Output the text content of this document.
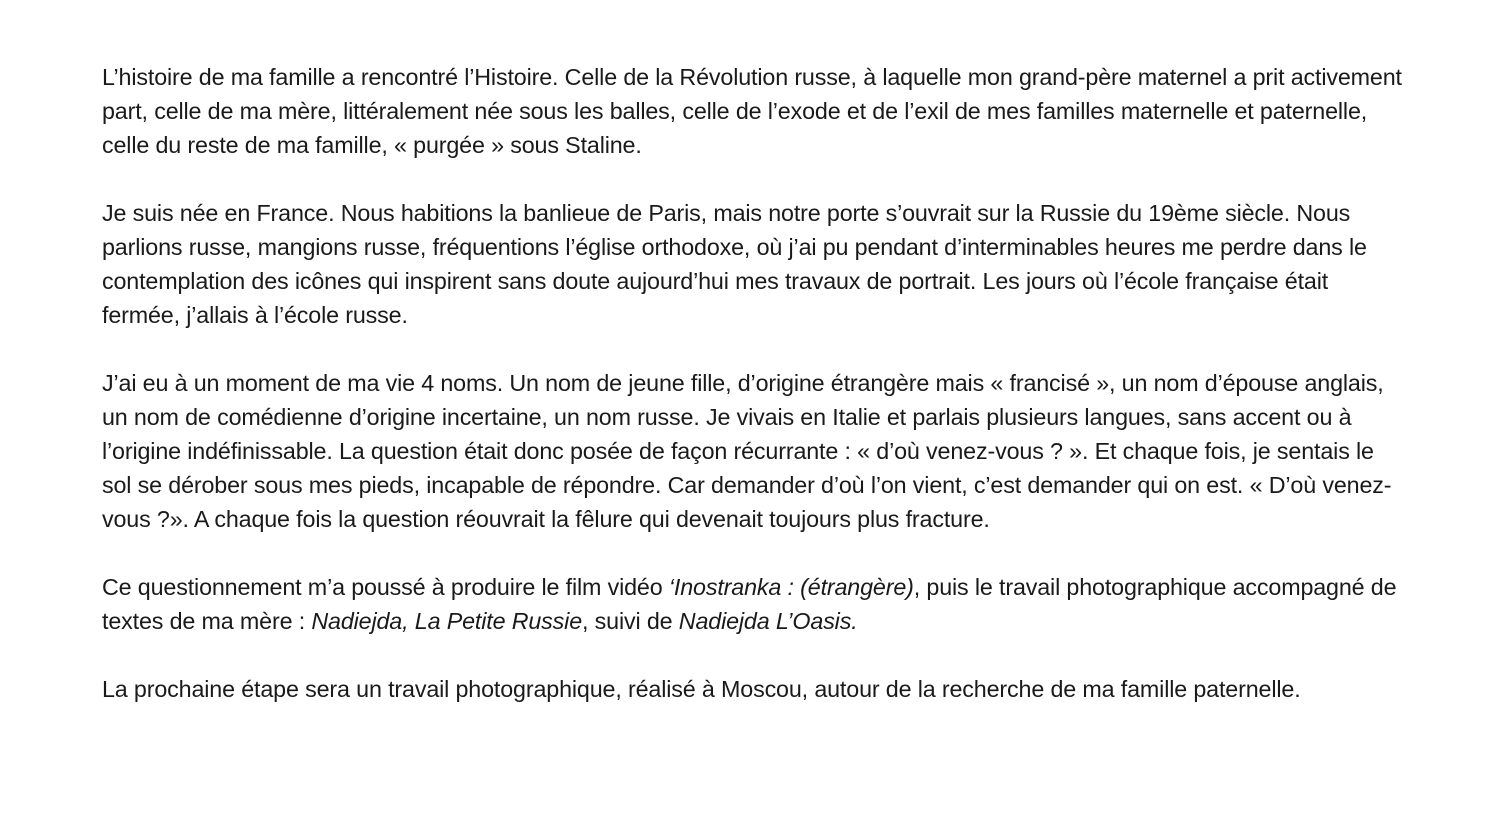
L’histoire de ma famille a rencontré l’Histoire. Celle de la Révolution russe, à laquelle mon grand-père maternel a prit activement part, celle de ma mère, littéralement née sous les balles, celle de l’exode et de l’exil de mes familles maternelle et paternelle, celle du reste de ma famille, « purgée » sous Staline.

Je suis née en France. Nous habitions la banlieue de Paris, mais notre porte s’ouvrait sur la Russie du 19ème siècle. Nous parlions russe, mangions russe, fréquentions l’église orthodoxe, où j’ai pu pendant d’interminables heures me perdre dans le contemplation des icônes qui inspirent sans doute aujourd’hui mes travaux de portrait. Les jours où l’école française était fermée, j’allais à l’école russe.

J’ai eu à un moment de ma vie 4 noms. Un nom de jeune fille, d’origine étrangère mais « francisé », un nom d’épouse anglais, un nom de comédienne d’origine incertaine, un nom russe. Je vivais en Italie et parlais plusieurs langues, sans accent ou à l’origine indéfinissable. La question était donc posée de façon récurrante : « d’où venez-vous ? ». Et chaque fois, je sentais le sol se dérober sous mes pieds, incapable de répondre. Car demander d’où l’on vient, c’est demander qui on est. « D’où venez-vous ?». A chaque fois la question réouvrait la fêlure qui devenait toujours plus fracture.

Ce questionnement m’a poussé à produire le film vidéo ‘Inostranka : (étrangère), puis le travail photographique accompagné de textes de ma mère : Nadiejda, La Petite Russie, suivi de Nadiejda L’Oasis.

La prochaine étape sera un travail photographique, réalisé à Moscou, autour de la recherche de ma famille paternelle.
